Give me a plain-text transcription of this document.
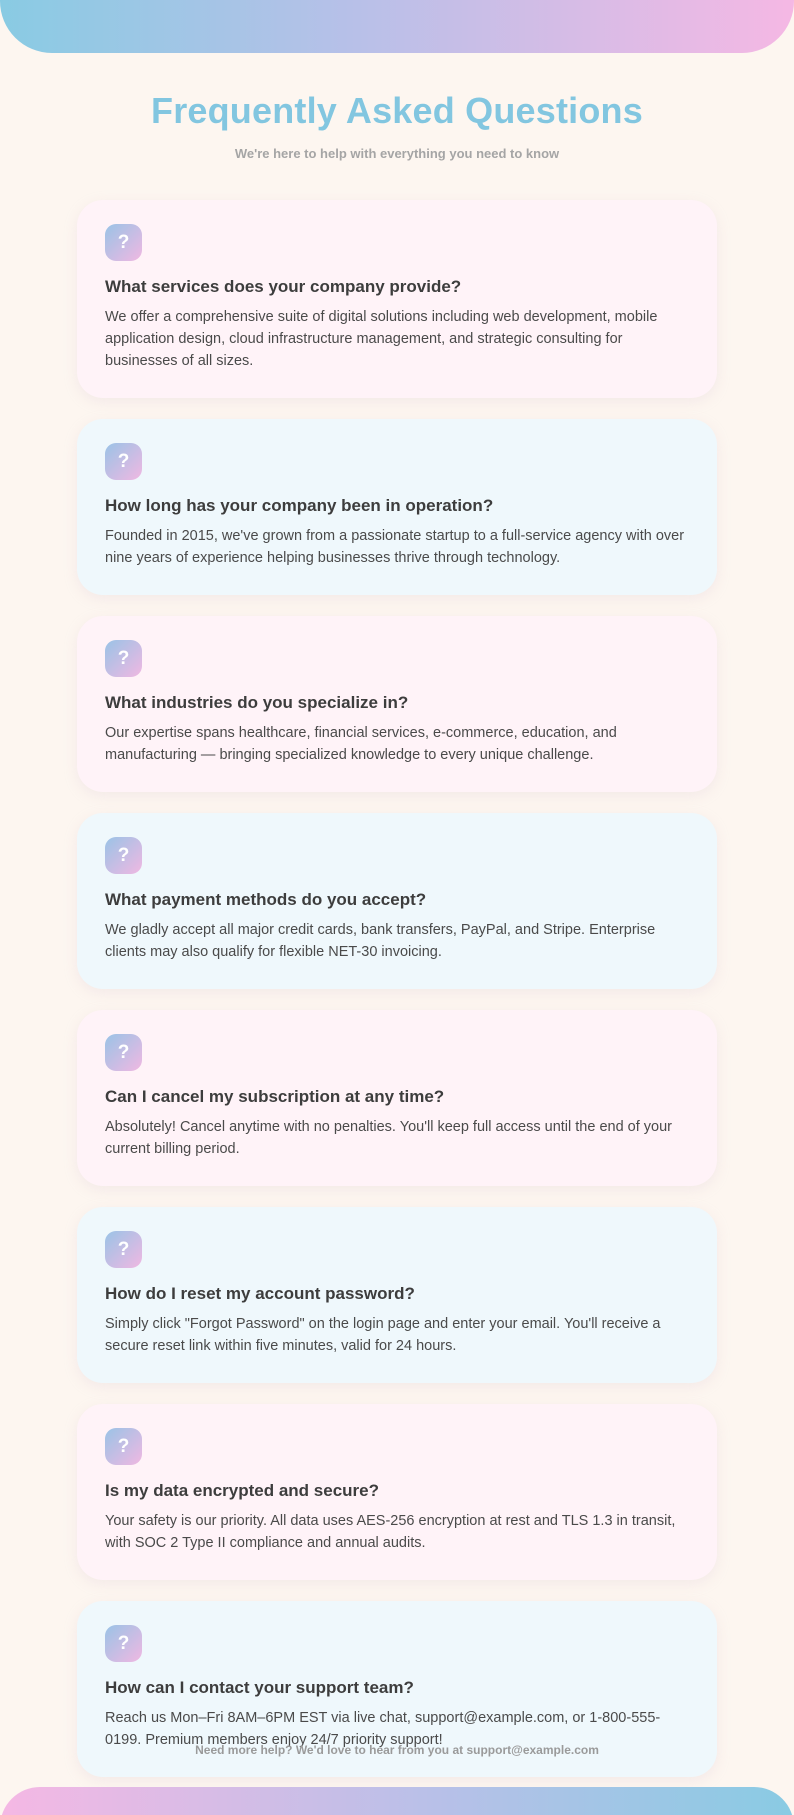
Frequently Asked Questions

We're here to help with everything you need to know

?
What services does your company provide?

We offer a comprehensive suite of digital solutions including web development, mobile application design, cloud infrastructure management, and strategic consulting for businesses of all sizes.

?
How long has your company been in operation?

Founded in 2015, we've grown from a passionate startup to a full-service agency with over nine years of experience helping businesses thrive through technology.

?
What industries do you specialize in?

Our expertise spans healthcare, financial services, e-commerce, education, and manufacturing — bringing specialized knowledge to every unique challenge.

?
What payment methods do you accept?

We gladly accept all major credit cards, bank transfers, PayPal, and Stripe. Enterprise clients may also qualify for flexible NET-30 invoicing.

?
Can I cancel my subscription at any time?

Absolutely! Cancel anytime with no penalties. You'll keep full access until the end of your current billing period.

?
How do I reset my account password?

Simply click "Forgot Password" on the login page and enter your email. You'll receive a secure reset link within five minutes, valid for 24 hours.

?
Is my data encrypted and secure?

Your safety is our priority. All data uses AES-256 encryption at rest and TLS 1.3 in transit, with SOC 2 Type II compliance and annual audits.

?
How can I contact your support team?

Reach us Mon–Fri 8AM–6PM EST via live chat, support@example.com, or 1-800-555-0199. Premium members enjoy 24/7 priority support!

Need more help? We'd love to hear from you at support@example.com
